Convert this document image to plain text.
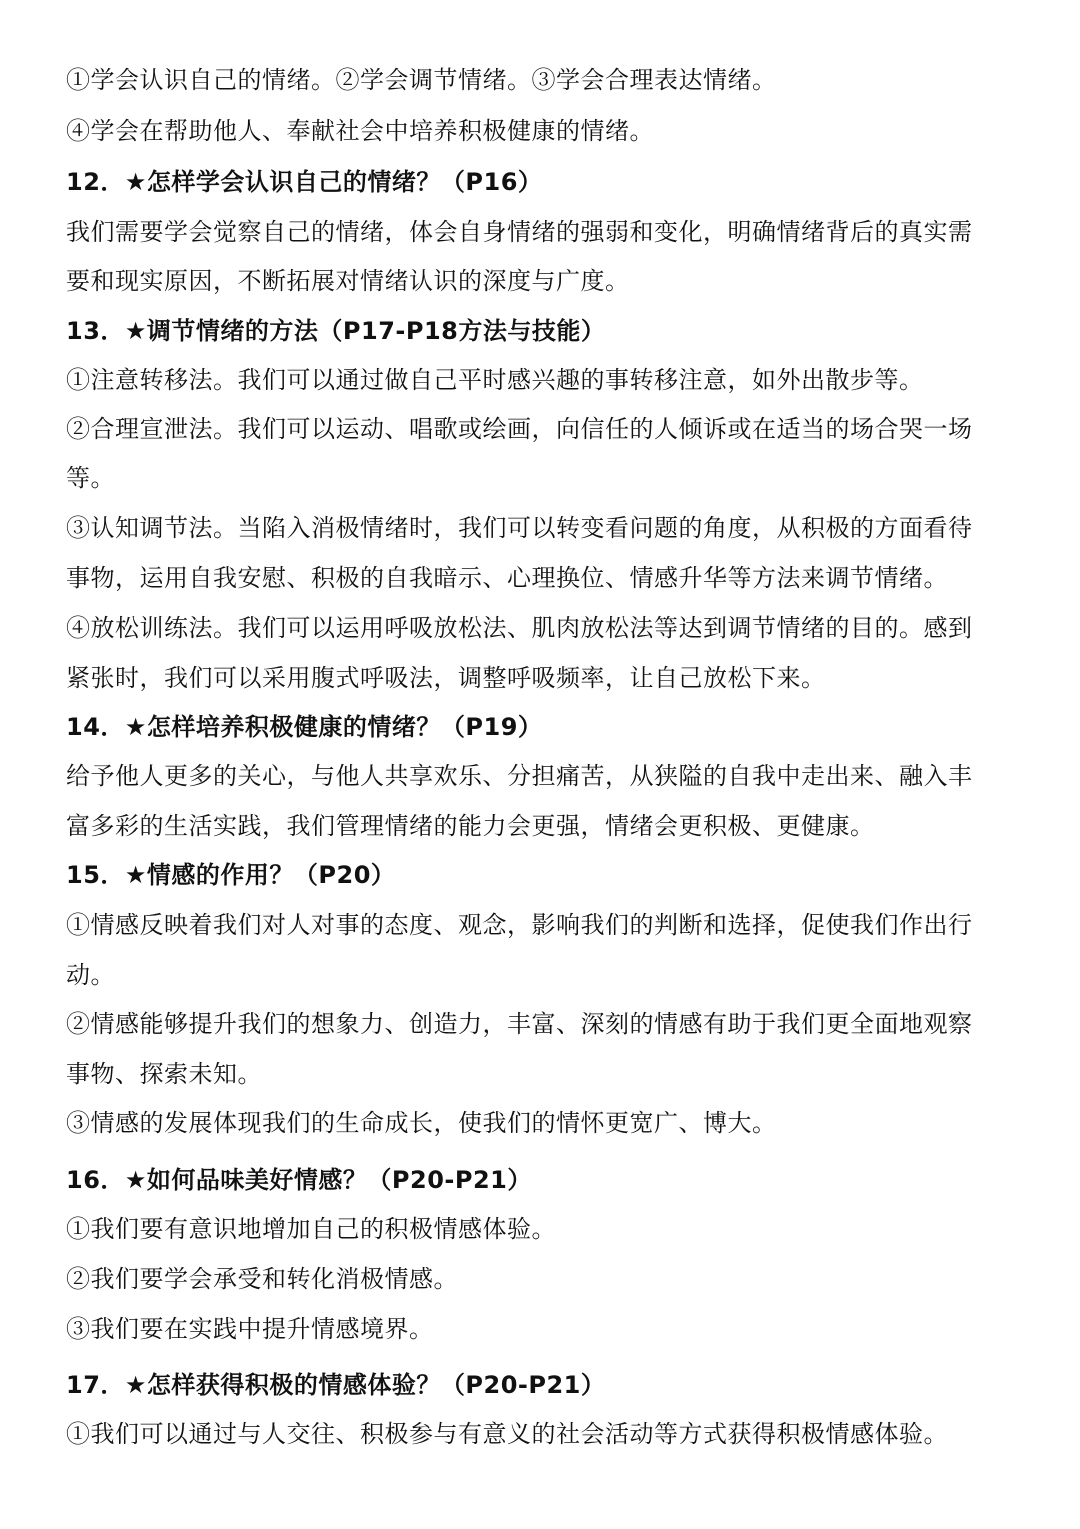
①学会认识自己的情绪。②学会调节情绪。③学会合理表达情绪。
④学会在帮助他人、奉献社会中培养积极健康的情绪。
12．★怎样学会认识自己的情绪？（P16）
我们需要学会觉察自己的情绪，体会自身情绪的强弱和变化，明确情绪背后的真实需
要和现实原因，不断拓展对情绪认识的深度与广度。
13．★调节情绪的方法（P17-P18方法与技能）
①注意转移法。我们可以通过做自己平时感兴趣的事转移注意，如外出散步等。
②合理宣泄法。我们可以运动、唱歌或绘画，向信任的人倾诉或在适当的场合哭一场
等。
③认知调节法。当陷入消极情绪时，我们可以转变看问题的角度，从积极的方面看待
事物，运用自我安慰、积极的自我暗示、心理换位、情感升华等方法来调节情绪。
④放松训练法。我们可以运用呼吸放松法、肌肉放松法等达到调节情绪的目的。感到
紧张时，我们可以采用腹式呼吸法，调整呼吸频率，让自己放松下来。
14．★怎样培养积极健康的情绪？（P19）
给予他人更多的关心，与他人共享欢乐、分担痛苦，从狭隘的自我中走出来、融入丰
富多彩的生活实践，我们管理情绪的能力会更强，情绪会更积极、更健康。
15．★情感的作用？（P20）
①情感反映着我们对人对事的态度、观念，影响我们的判断和选择，促使我们作出行
动。
②情感能够提升我们的想象力、创造力，丰富、深刻的情感有助于我们更全面地观察
事物、探索未知。
③情感的发展体现我们的生命成长，使我们的情怀更宽广、博大。
16．★如何品味美好情感？（P20-P21）
①我们要有意识地增加自己的积极情感体验。
②我们要学会承受和转化消极情感。
③我们要在实践中提升情感境界。
17．★怎样获得积极的情感体验？（P20-P21）
①我们可以通过与人交往、积极参与有意义的社会活动等方式获得积极情感体验。
